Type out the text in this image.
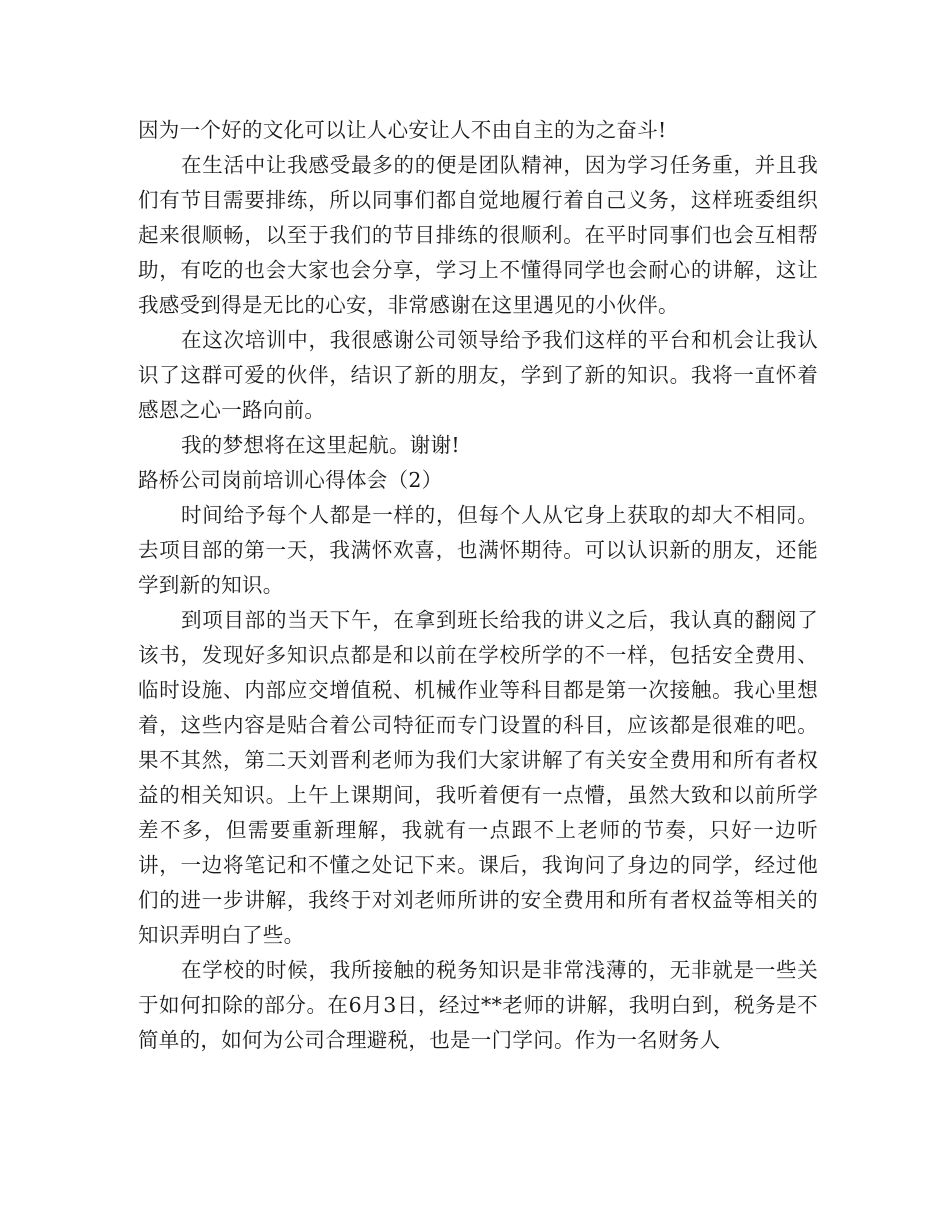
因为一个好的文化可以让人心安让人不由自主的为之奋斗!

在生活中让我感受最多的的便是团队精神，因为学习任务重，并且我们有节目需要排练，所以同事们都自觉地履行着自己义务，这样班委组织起来很顺畅，以至于我们的节目排练的很顺利。在平时同事们也会互相帮助，有吃的也会大家也会分享，学习上不懂得同学也会耐心的讲解，这让我感受到得是无比的心安，非常感谢在这里遇见的小伙伴。

在这次培训中，我很感谢公司领导给予我们这样的平台和机会让我认识了这群可爱的伙伴，结识了新的朋友，学到了新的知识。我将一直怀着感恩之心一路向前。

我的梦想将在这里起航。谢谢!

路桥公司岗前培训心得体会（2）

时间给予每个人都是一样的，但每个人从它身上获取的却大不相同。去项目部的第一天，我满怀欢喜，也满怀期待。可以认识新的朋友，还能学到新的知识。

到项目部的当天下午，在拿到班长给我的讲义之后，我认真的翻阅了该书，发现好多知识点都是和以前在学校所学的不一样，包括安全费用、临时设施、内部应交增值税、机械作业等科目都是第一次接触。我心里想着，这些内容是贴合着公司特征而专门设置的科目，应该都是很难的吧。果不其然，第二天刘晋利老师为我们大家讲解了有关安全费用和所有者权益的相关知识。上午上课期间，我听着便有一点懵，虽然大致和以前所学差不多，但需要重新理解，我就有一点跟不上老师的节奏，只好一边听讲，一边将笔记和不懂之处记下来。课后，我询问了身边的同学，经过他们的进一步讲解，我终于对刘老师所讲的安全费用和所有者权益等相关的知识弄明白了些。

在学校的时候，我所接触的税务知识是非常浅薄的，无非就是一些关于如何扣除的部分。在6月3日，经过**老师的讲解，我明白到，税务是不简单的，如何为公司合理避税，也是一门学问。作为一名财务人
